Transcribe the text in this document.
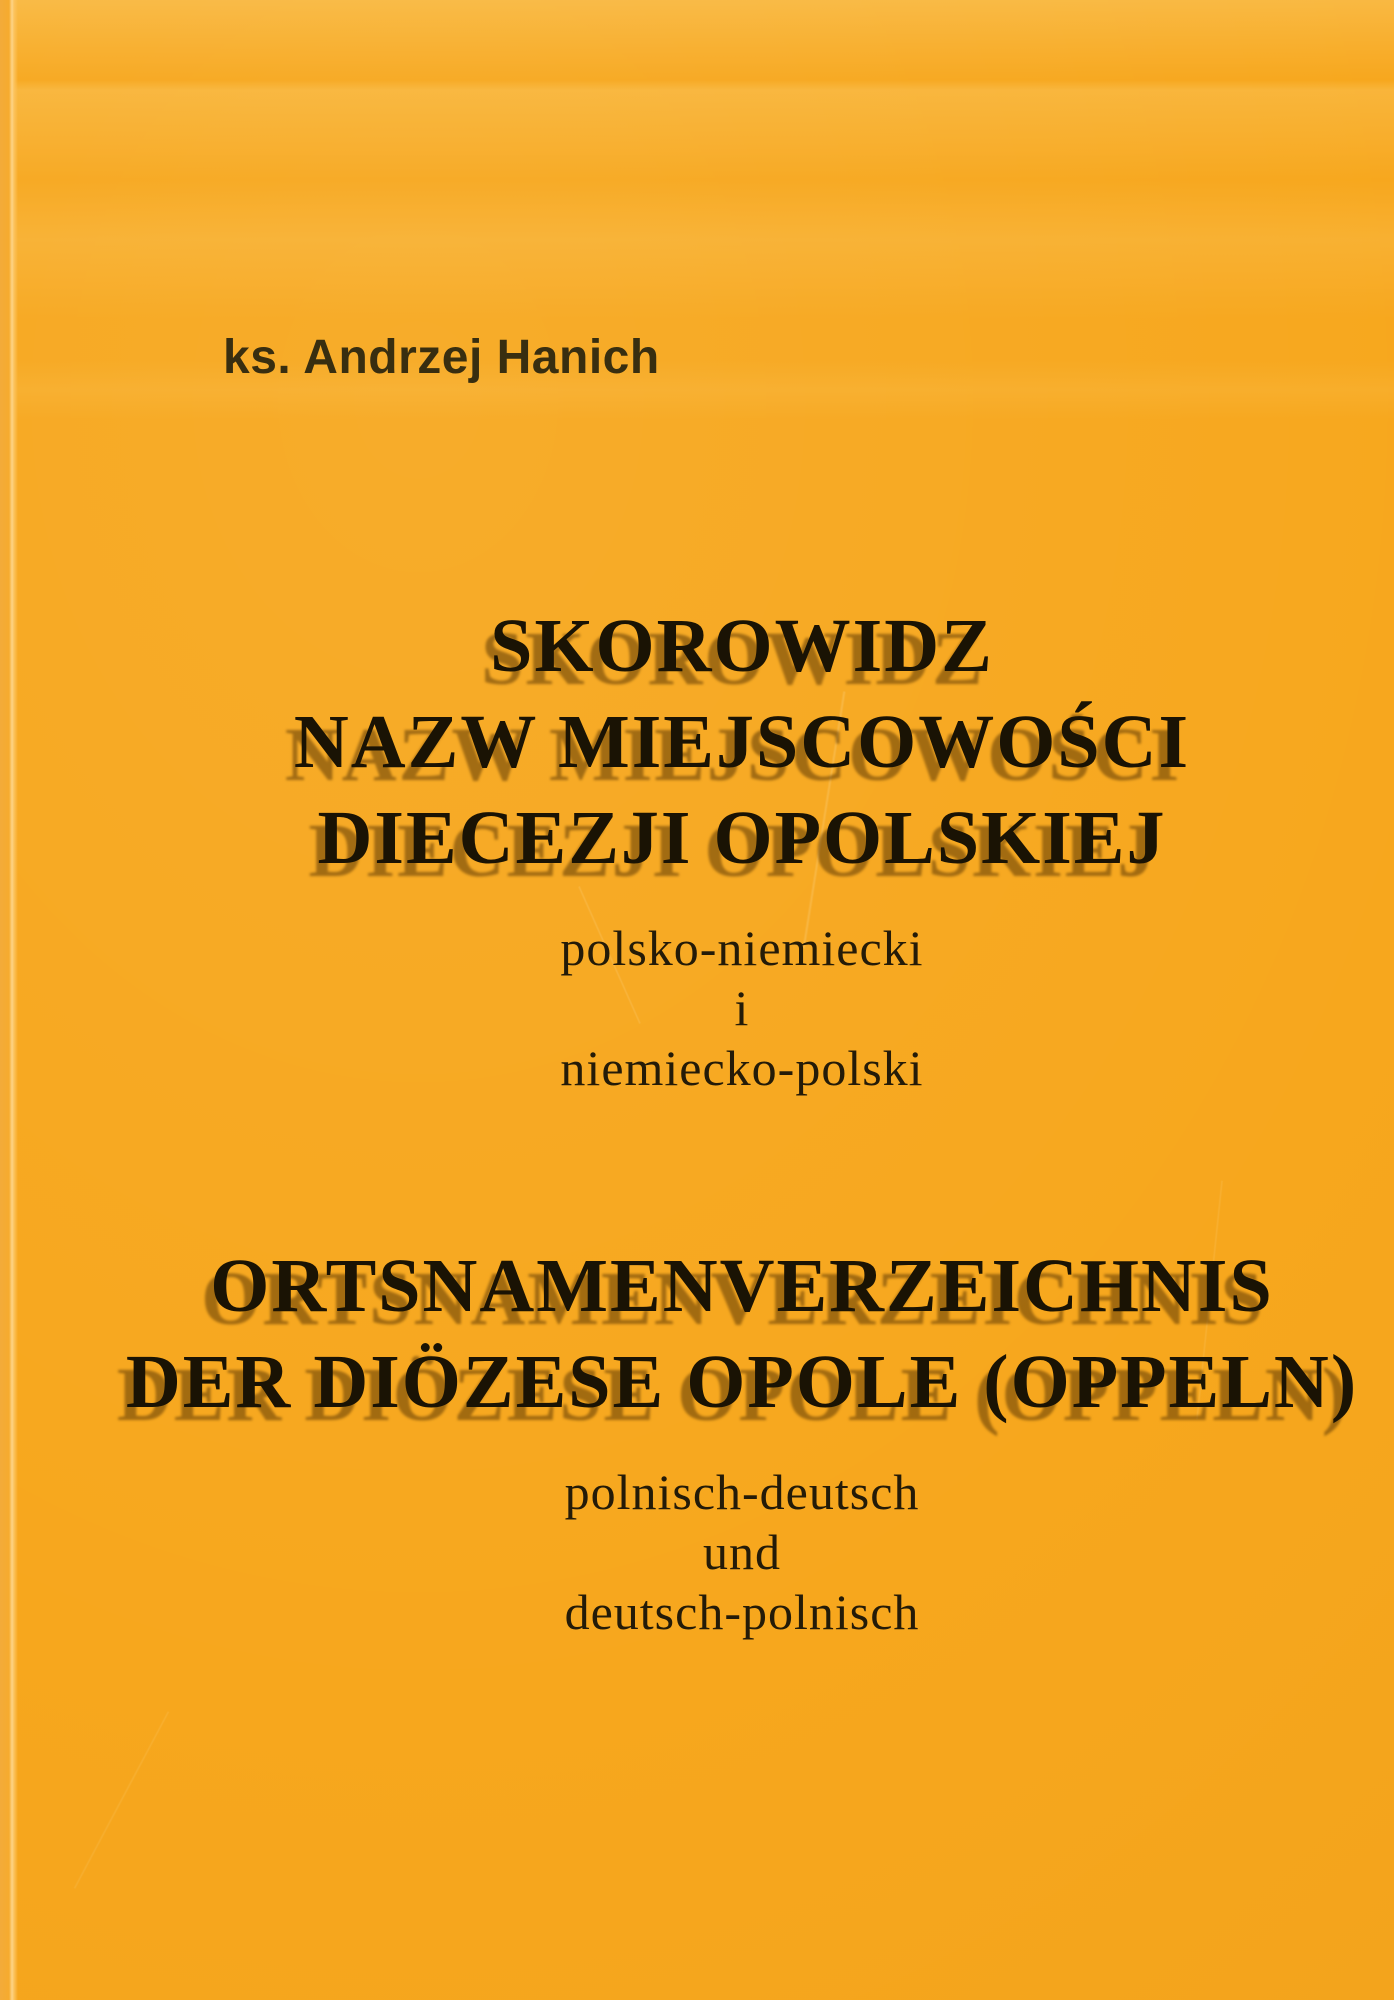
ks. Andrzej Hanich
SKOROWIDZ SKOROWIDZ
NAZW MIEJSCOWOŚCI NAZW MIEJSCOWOŚCI
DIECEZJI OPOLSKIEJ DIECEZJI OPOLSKIEJ
polsko-niemiecki
i
niemiecko-polski
ORTSNAMENVERZEICHNIS ORTSNAMENVERZEICHNIS
DER DIÖZESE OPOLE (OPPELN) DER DIÖZESE OPOLE (OPPELN)
polnisch-deutsch
und
deutsch-polnisch
